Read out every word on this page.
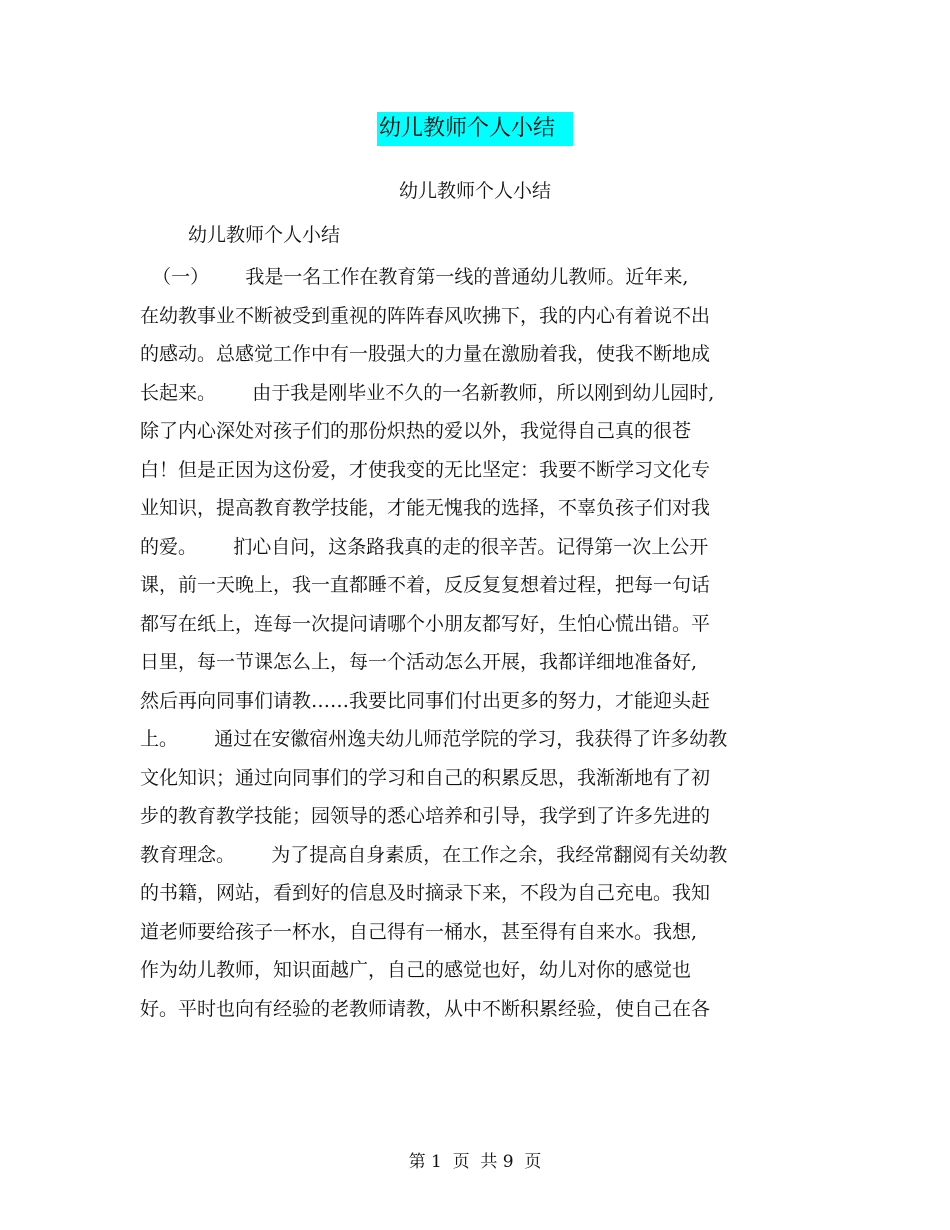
幼儿教师个人小结
幼儿教师个人小结
幼儿教师个人小结
（一）      我是一名工作在教育第一线的普通幼儿教师。近年来,
在幼教事业不断被受到重视的阵阵春风吹拂下，我的内心有着说不出
的感动。总感觉工作中有一股强大的力量在激励着我，使我不断地成
长起来。      由于我是刚毕业不久的一名新教师，所以刚到幼儿园时,
除了内心深处对孩子们的那份炽热的爱以外，我觉得自己真的很苍
白！但是正因为这份爱，才使我变的无比坚定：我要不断学习文化专
业知识，提高教育教学技能，才能无愧我的选择，不辜负孩子们对我
的爱。      扪心自问，这条路我真的走的很辛苦。记得第一次上公开
课，前一天晚上，我一直都睡不着，反反复复想着过程，把每一句话
都写在纸上，连每一次提问请哪个小朋友都写好，生怕心慌出错。平
日里，每一节课怎么上，每一个活动怎么开展，我都详细地准备好,
然后再向同事们请教……我要比同事们付出更多的努力，才能迎头赶
上。      通过在安徽宿州逸夫幼儿师范学院的学习，我获得了许多幼教
文化知识；通过向同事们的学习和自己的积累反思，我渐渐地有了初
步的教育教学技能；园领导的悉心培养和引导，我学到了许多先进的
教育理念。      为了提高自身素质，在工作之余，我经常翻阅有关幼教
的书籍，网站，看到好的信息及时摘录下来，不段为自己充电。我知
道老师要给孩子一杯水，自己得有一桶水，甚至得有自来水。我想,
作为幼儿教师，知识面越广，自己的感觉也好，幼儿对你的感觉也
好。平时也向有经验的老教师请教，从中不断积累经验，使自己在各
第 1  页  共 9  页
